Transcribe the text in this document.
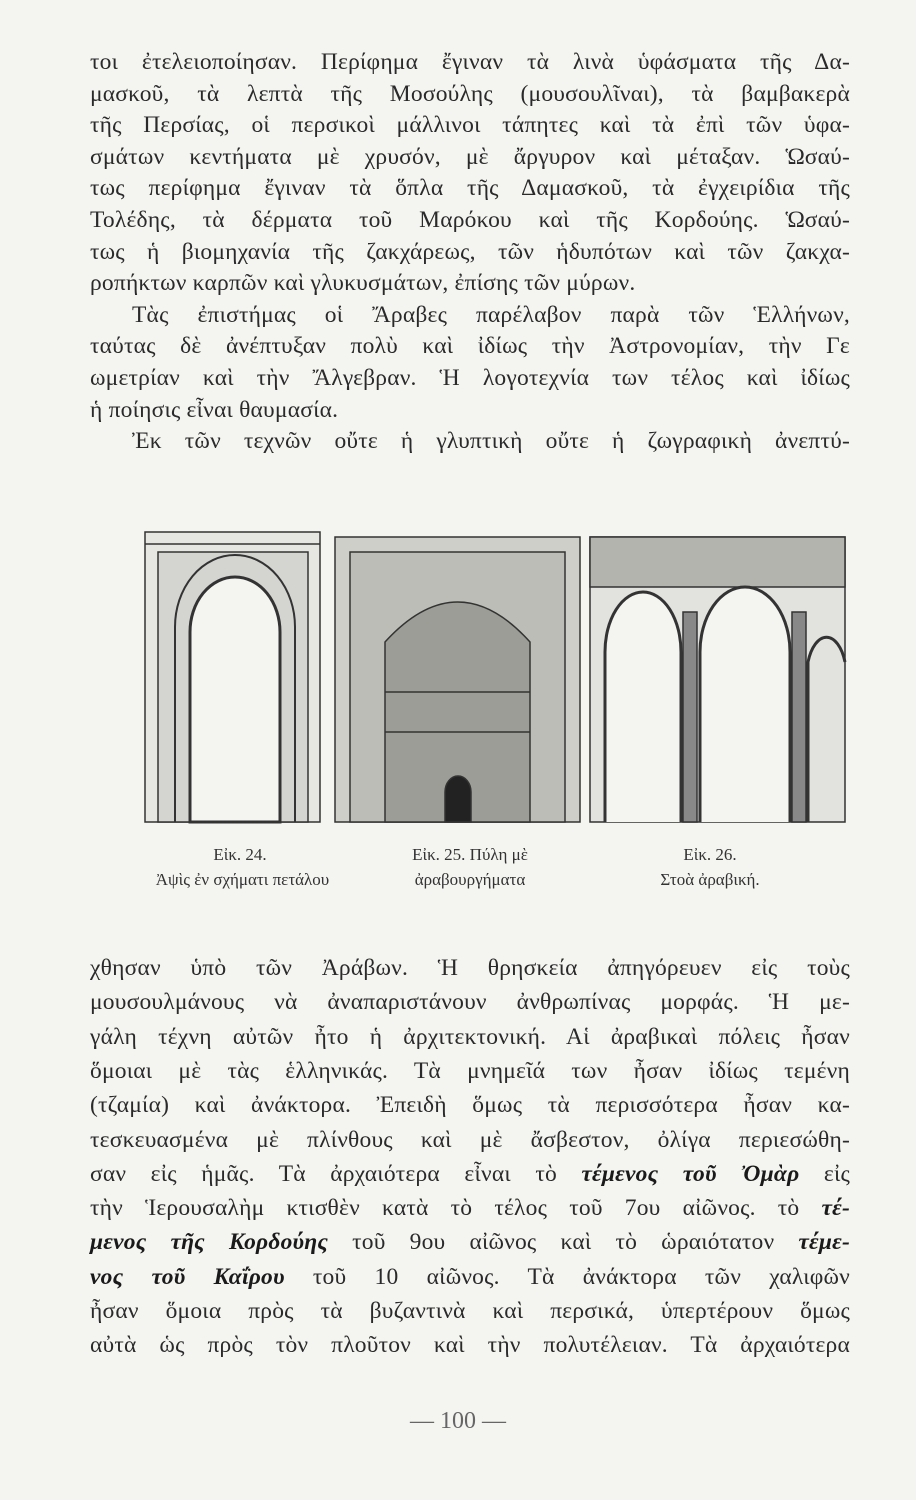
τοι ἐτελειοποίησαν. Περίφημα ἔγιναν τὰ λινὰ ὑφάσματα τῆς Δα-
μασκοῦ, τὰ λεπτὰ τῆς Μοσούλης (μουσουλῖναι), τὰ βαμβακερὰ
τῆς Περσίας, οἱ περσικοὶ μάλλινοι τάπητες καὶ τὰ ἐπὶ τῶν ὑφα-
σμάτων κεντήματα μὲ χρυσόν, μὲ ἄργυρον καὶ μέταξαν. Ὡσαύ-
τως περίφημα ἔγιναν τὰ ὅπλα τῆς Δαμασκοῦ, τὰ ἐγχειρίδια τῆς
Τολέδης, τὰ δέρματα τοῦ Μαρόκου καὶ τῆς Κορδούης. Ὡσαύ-
τως ἡ βιομηχανία τῆς ζακχάρεως, τῶν ἡδυπότων καὶ τῶν ζακχα-
ροπήκτων καρπῶν καὶ γλυκυσμάτων, ἐπίσης τῶν μύρων.
Τὰς ἐπιστήμας οἱ Ἄραβες παρέλαβον παρὰ τῶν Ἑλλήνων,
ταύτας δὲ ἀνέπτυξαν πολὺ καὶ ἰδίως τὴν Ἀστρονομίαν, τὴν Γε
ωμετρίαν καὶ τὴν Ἄλγεβραν. Ἡ λογοτεχνία των τέλος καὶ ἰδίως
ἡ ποίησις εἶναι θαυμασία.
Ἐκ τῶν τεχνῶν οὔτε ἡ γλυπτικὴ οὔτε ἡ ζωγραφικὴ ἀνεπτύ-
Εἰκ. 24.
Ἀψὶς ἐν σχήματι πετάλου
Εἰκ. 25. Πύλη μὲ
ἀραβουργήματα
Εἰκ. 26.
Στοὰ ἀραβική.
χθησαν ὑπὸ τῶν Ἀράβων. Ἡ θρησκεία ἀπηγόρευεν εἰς τοὺς
μουσουλμάνους νὰ ἀναπαριστάνουν ἀνθρωπίνας μορφάς. Ἡ με-
γάλη τέχνη αὐτῶν ἦτο ἡ ἀρχιτεκτονική. Αἱ ἀραβικαὶ πόλεις ἦσαν
ὅμοιαι μὲ τὰς ἑλληνικάς. Τὰ μνημεῖά των ἦσαν ἰδίως τεμένη
(τζαμία) καὶ ἀνάκτορα. Ἐπειδὴ ὅμως τὰ περισσότερα ἦσαν κα-
τεσκευασμένα μὲ πλίνθους καὶ μὲ ἄσβεστον, ὀλίγα περιεσώθη-
σαν εἰς ἡμᾶς. Τὰ ἀρχαιότερα εἶναι τὸ τέμενος τοῦ Ὀμὰρ εἰς
τὴν Ἱερουσαλὴμ κτισθὲν κατὰ τὸ τέλος τοῦ 7ου αἰῶνος. τὸ τέ-
μενος τῆς Κορδούης τοῦ 9ου αἰῶνος καὶ τὸ ὡραιότατον τέμε-
νος τοῦ Καΐρου τοῦ 10 αἰῶνος. Τὰ ἀνάκτορα τῶν χαλιφῶν
ἦσαν ὅμοια πρὸς τὰ βυζαντινὰ καὶ περσικά, ὑπερτέρουν ὅμως
αὐτὰ ὡς πρὸς τὸν πλοῦτον καὶ τὴν πολυτέλειαν. Τὰ ἀρχαιότερα
— 100 —
